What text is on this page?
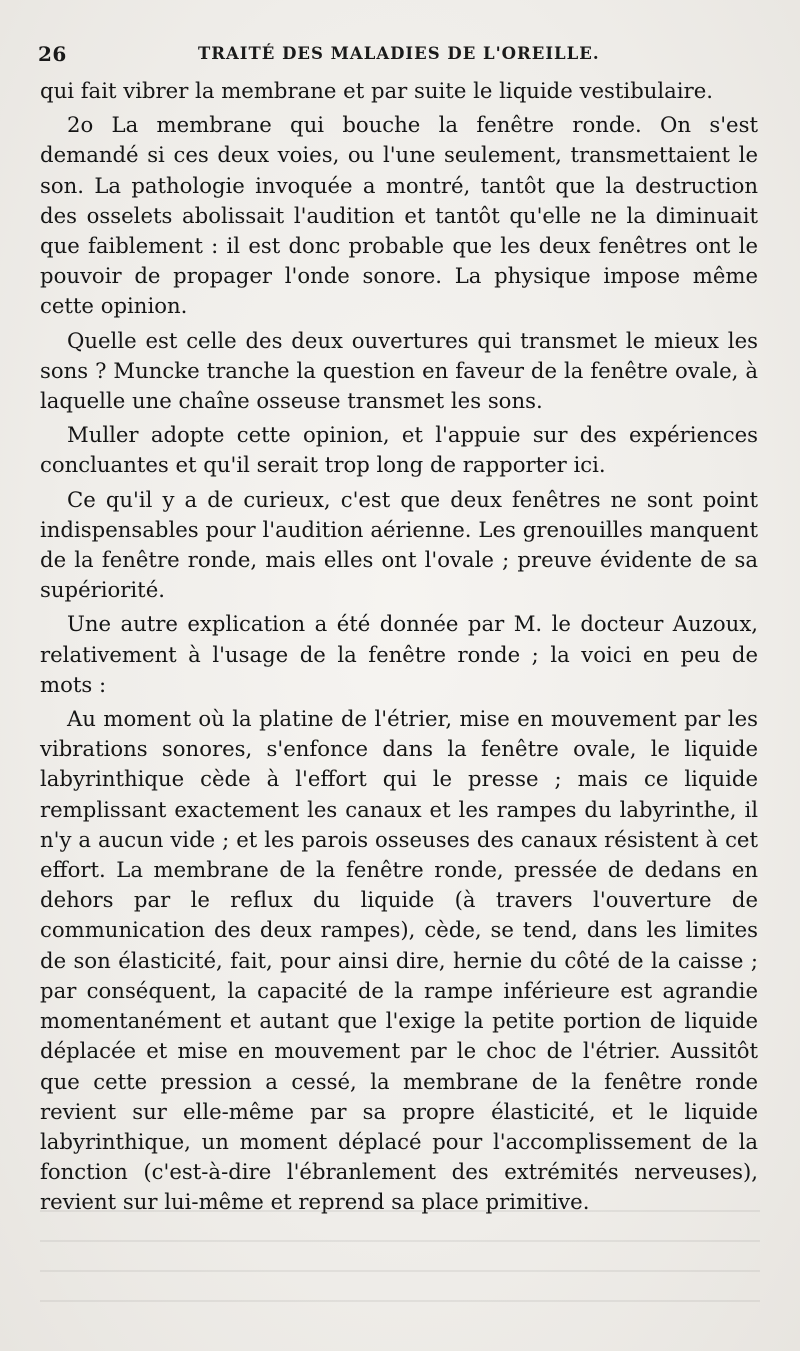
26	TRAITÉ DES MALADIES DE L'OREILLE.

qui fait vibrer la membrane et par suite le liquide vestibulaire.

2o La membrane qui bouche la fenêtre ronde. On s'est demandé si ces deux voies, ou l'une seulement, transmettaient le son. La pathologie invoquée a montré, tantôt que la destruction des osselets abolissait l'audition et tantôt qu'elle ne la diminuait que faiblement : il est donc probable que les deux fenêtres ont le pouvoir de propager l'onde sonore. La physique impose même cette opinion.

Quelle est celle des deux ouvertures qui transmet le mieux les sons ? Muncke tranche la question en faveur de la fenêtre ovale, à laquelle une chaîne osseuse transmet les sons.

Muller adopte cette opinion, et l'appuie sur des expériences concluantes et qu'il serait trop long de rapporter ici.

Ce qu'il y a de curieux, c'est que deux fenêtres ne sont point indispensables pour l'audition aérienne. Les grenouilles manquent de la fenêtre ronde, mais elles ont l'ovale ; preuve évidente de sa supériorité.

Une autre explication a été donnée par M. le docteur Auzoux, relativement à l'usage de la fenêtre ronde ; la voici en peu de mots :

Au moment où la platine de l'étrier, mise en mouvement par les vibrations sonores, s'enfonce dans la fenêtre ovale, le liquide labyrinthique cède à l'effort qui le presse ; mais ce liquide remplissant exactement les canaux et les rampes du labyrinthe, il n'y a aucun vide ; et les parois osseuses des canaux résistent à cet effort. La membrane de la fenêtre ronde, pressée de dedans en dehors par le reflux du liquide (à travers l'ouverture de communication des deux rampes), cède, se tend, dans les limites de son élasticité, fait, pour ainsi dire, hernie du côté de la caisse ; par conséquent, la capacité de la rampe inférieure est agrandie momentanément et autant que l'exige la petite portion de liquide déplacée et mise en mouvement par le choc de l'étrier. Aussitôt que cette pression a cessé, la membrane de la fenêtre ronde revient sur elle-même par sa propre élasticité, et le liquide labyrinthique, un moment déplacé pour l'accomplissement de la fonction (c'est-à-dire l'ébranlement des extrémités nerveuses), revient sur lui-même et reprend sa place primitive.
